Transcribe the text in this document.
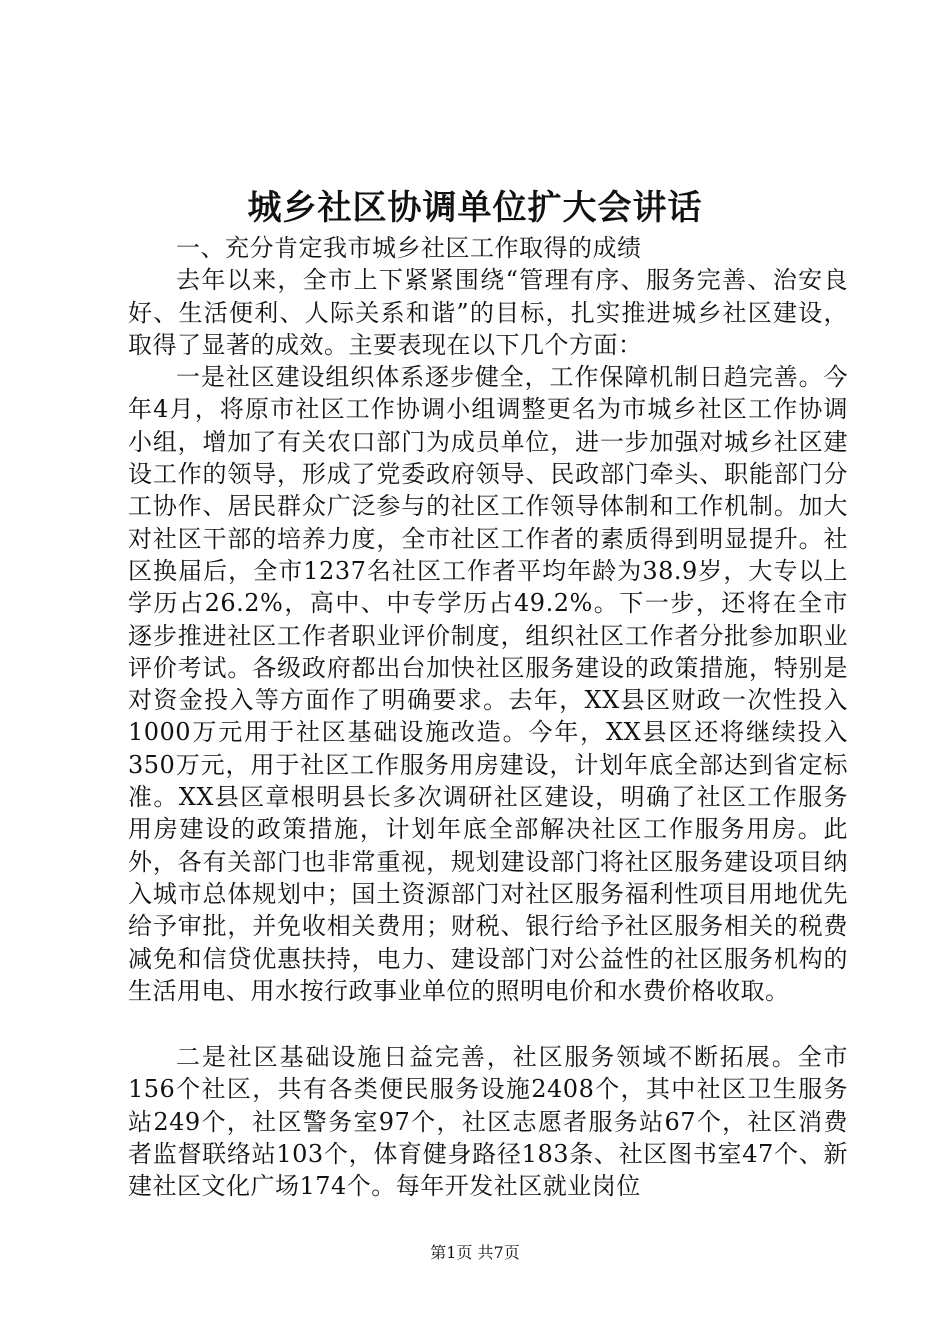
城乡社区协调单位扩大会讲话

一、充分肯定我市城乡社区工作取得的成绩

去年以来，全市上下紧紧围绕“管理有序、服务完善、治安良好、生活便利、人际关系和谐”的目标，扎实推进城乡社区建设，取得了显著的成效。主要表现在以下几个方面：

一是社区建设组织体系逐步健全，工作保障机制日趋完善。今年4月，将原市社区工作协调小组调整更名为市城乡社区工作协调小组，增加了有关农口部门为成员单位，进一步加强对城乡社区建设工作的领导，形成了党委政府领导、民政部门牵头、职能部门分工协作、居民群众广泛参与的社区工作领导体制和工作机制。加大对社区干部的培养力度，全市社区工作者的素质得到明显提升。社区换届后，全市1237名社区工作者平均年龄为38.9岁，大专以上学历占26.2%，高中、中专学历占49.2%。下一步，还将在全市逐步推进社区工作者职业评价制度，组织社区工作者分批参加职业评价考试。各级政府都出台加快社区服务建设的政策措施，特别是对资金投入等方面作了明确要求。去年，XX县区财政一次性投入1000万元用于社区基础设施改造。今年，XX县区还将继续投入350万元，用于社区工作服务用房建设，计划年底全部达到省定标准。XX县区章根明县长多次调研社区建设，明确了社区工作服务用房建设的政策措施，计划年底全部解决社区工作服务用房。此外，各有关部门也非常重视，规划建设部门将社区服务建设项目纳入城市总体规划中；国土资源部门对社区服务福利性项目用地优先给予审批，并免收相关费用；财税、银行给予社区服务相关的税费减免和信贷优惠扶持，电力、建设部门对公益性的社区服务机构的生活用电、用水按行政事业单位的照明电价和水费价格收取。

二是社区基础设施日益完善，社区服务领域不断拓展。全市156个社区，共有各类便民服务设施2408个，其中社区卫生服务站249个，社区警务室97个，社区志愿者服务站67个，社区消费者监督联络站103个，体育健身路径183条、社区图书室47个、新建社区文化广场174个。每年开发社区就业岗位

第1页 共7页
